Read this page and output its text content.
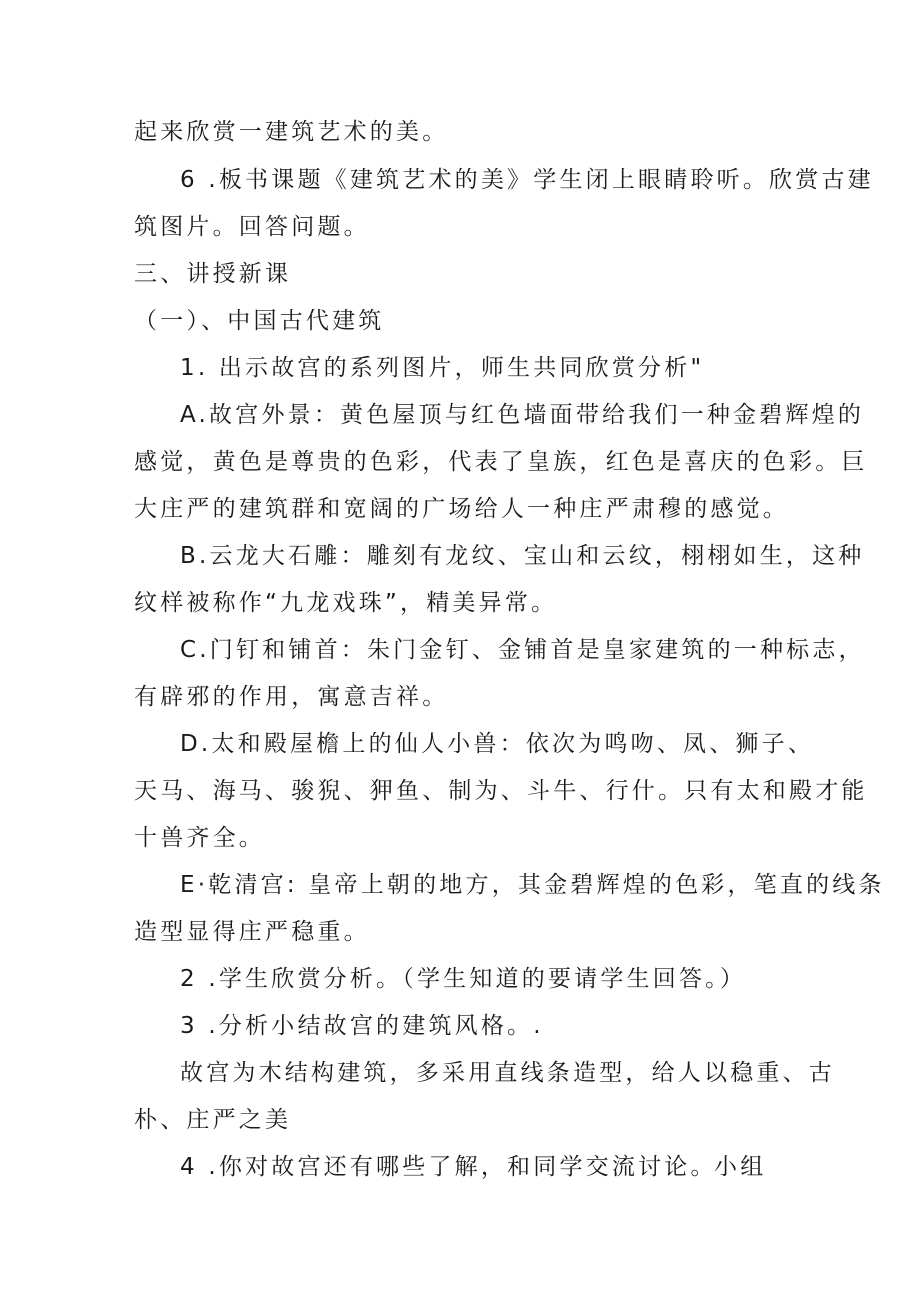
起来欣赏一建筑艺术的美。
6 .板书课题《建筑艺术的美》学生闭上眼睛聆听。欣赏古建
筑图片。回答问题。
三、讲授新课
（一）、中国古代建筑
1. 出示故宫的系列图片，师生共同欣赏分析"
A.故宫外景：黄色屋顶与红色墙面带给我们一种金碧辉煌的
感觉，黄色是尊贵的色彩，代表了皇族，红色是喜庆的色彩。巨
大庄严的建筑群和宽阔的广场给人一种庄严肃穆的感觉。
B.云龙大石雕：雕刻有龙纹、宝山和云纹，栩栩如生，这种
纹样被称作“九龙戏珠”，精美异常。
C.门钉和铺首：朱门金钉、金铺首是皇家建筑的一种标志，
有辟邪的作用，寓意吉祥。
D.太和殿屋檐上的仙人小兽：依次为鸣吻、凤、狮子、
天马、海马、骏猊、狎鱼、制为、斗牛、行什。只有太和殿才能
十兽齐全。
E·乾清宫: 皇帝上朝的地方，其金碧辉煌的色彩，笔直的线条
造型显得庄严稳重。
2 .学生欣赏分析。（学生知道的要请学生回答。）
3 .分析小结故宫的建筑风格。.
故宫为木结构建筑，多采用直线条造型，给人以稳重、古
朴、庄严之美
4 .你对故宫还有哪些了解，和同学交流讨论。
小组
